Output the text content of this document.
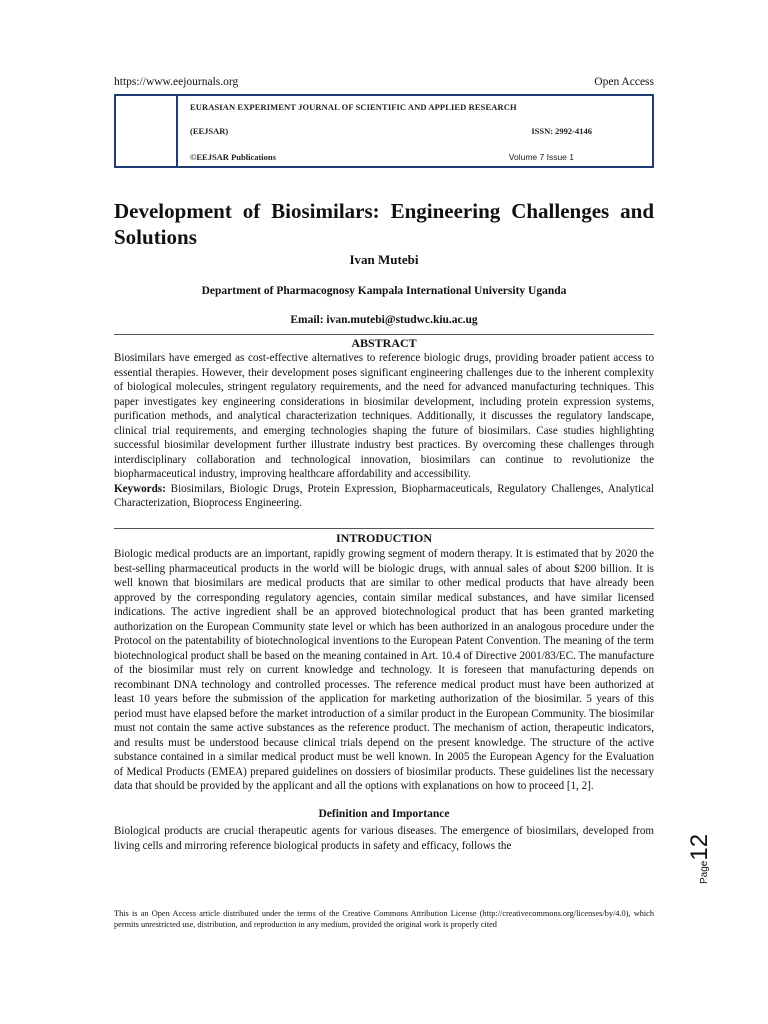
https://www.eejournals.org	Open Access
EURASIAN EXPERIMENT JOURNAL OF SCIENTIFIC AND APPLIED RESEARCH
(EEJSAR)	ISSN: 2992-4146
©EEJSAR Publications	Volume 7 Issue 1
Development of Biosimilars: Engineering Challenges and Solutions
Ivan Mutebi
Department of Pharmacognosy Kampala International University Uganda
Email: ivan.mutebi@studwc.kiu.ac.ug
ABSTRACT

Biosimilars have emerged as cost-effective alternatives to reference biologic drugs, providing broader patient access to essential therapies. However, their development poses significant engineering challenges due to the inherent complexity of biological molecules, stringent regulatory requirements, and the need for advanced manufacturing techniques. This paper investigates key engineering considerations in biosimilar development, including protein expression systems, purification methods, and analytical characterization techniques. Additionally, it discusses the regulatory landscape, clinical trial requirements, and emerging technologies shaping the future of biosimilars. Case studies highlighting successful biosimilar development further illustrate industry best practices. By overcoming these challenges through interdisciplinary collaboration and technological innovation, biosimilars can continue to revolutionize the biopharmaceutical industry, improving healthcare affordability and accessibility.
Keywords: Biosimilars, Biologic Drugs, Protein Expression, Biopharmaceuticals, Regulatory Challenges, Analytical Characterization, Bioprocess Engineering.

INTRODUCTION

Biologic medical products are an important, rapidly growing segment of modern therapy. It is estimated that by 2020 the best-selling pharmaceutical products in the world will be biologic drugs, with annual sales of about $200 billion. It is well known that biosimilars are medical products that are similar to other medical products that have already been approved by the corresponding regulatory agencies, contain similar medical substances, and have similar licensed indications. The active ingredient shall be an approved biotechnological product that has been granted marketing authorization on the European Community state level or which has been authorized in an analogous procedure under the Protocol on the patentability of biotechnological inventions to the European Patent Convention. The meaning of the term biotechnological product shall be based on the meaning contained in Art. 10.4 of Directive 2001/83/EC. The manufacture of the biosimilar must rely on current knowledge and technology. It is foreseen that manufacturing depends on recombinant DNA technology and controlled processes. The reference medical product must have been authorized at least 10 years before the submission of the application for marketing authorization of the biosimilar. 5 years of this period must have elapsed before the market introduction of a similar product in the European Community. The biosimilar must not contain the same active substances as the reference product. The mechanism of action, therapeutic indicators, and results must be understood because clinical trials depend on the present knowledge. The structure of the active substance contained in a similar medical product must be well known. In 2005 the European Agency for the Evaluation of Medical Products (EMEA) prepared guidelines on dossiers of biosimilar products. These guidelines list the necessary data that should be provided by the applicant and all the options with explanations on how to proceed [1, 2].

Definition and Importance

Biological products are crucial therapeutic agents for various diseases. The emergence of biosimilars, developed from living cells and mirroring reference biological products in safety and efficacy, follows the

This is an Open Access article distributed under the terms of the Creative Commons Attribution License (http://creativecommons.org/licenses/by/4.0), which permits unrestricted use, distribution, and reproduction in any medium, provided the original work is properly cited
Page12
